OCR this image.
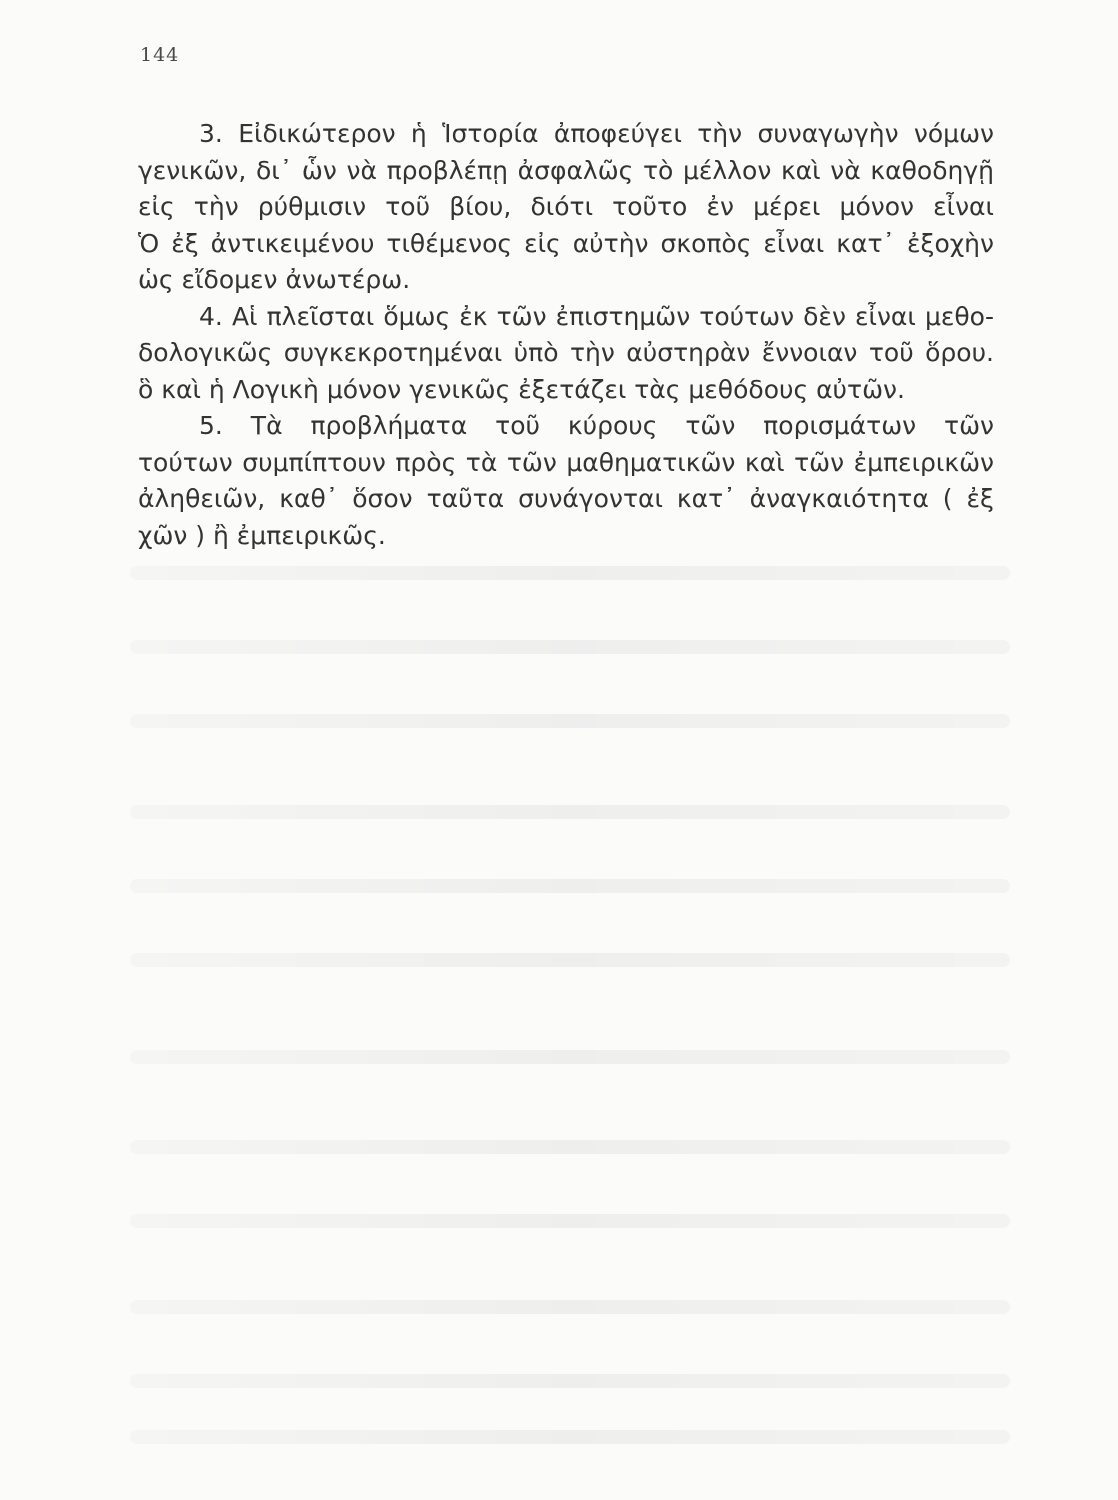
144
3. Εἰδικώτερον ἡ Ἱστορία ἀποφεύγει τὴν συναγωγὴν νόμων
γενικῶν, δι᾽ ὧν νὰ προβλέπῃ ἀσφαλῶς τὸ μέλλον καὶ νὰ καθοδηγῇ
εἰς τὴν ρύθμισιν τοῦ βίου, διότι τοῦτο ἐν μέρει μόνον εἶναι
Ὁ ἐξ ἀντικειμένου τιθέμενος εἰς αὐτὴν σκοπὸς εἶναι κατ᾽ ἐξοχὴν
ὡς εἴδομεν ἀνωτέρω.
4. Αἱ πλεῖσται ὅμως ἐκ τῶν ἐπιστημῶν τούτων δὲν εἶναι μεθο-
δολογικῶς συγκεκροτημέναι ὑπὸ τὴν αὐστηρὰν ἔννοιαν τοῦ ὅρου.
ὃ καὶ ἡ Λογικὴ μόνον γενικῶς ἐξετάζει τὰς μεθόδους αὐτῶν.
5. Τὰ προβλήματα τοῦ κύρους τῶν πορισμάτων τῶν
τούτων συμπίπτουν πρὸς τὰ τῶν μαθηματικῶν καὶ τῶν ἐμπειρικῶν
ἀληθειῶν, καθ᾽ ὅσον ταῦτα συνάγονται κατ᾽ ἀναγκαιότητα ( ἐξ
χῶν ) ἢ ἐμπειρικῶς.
